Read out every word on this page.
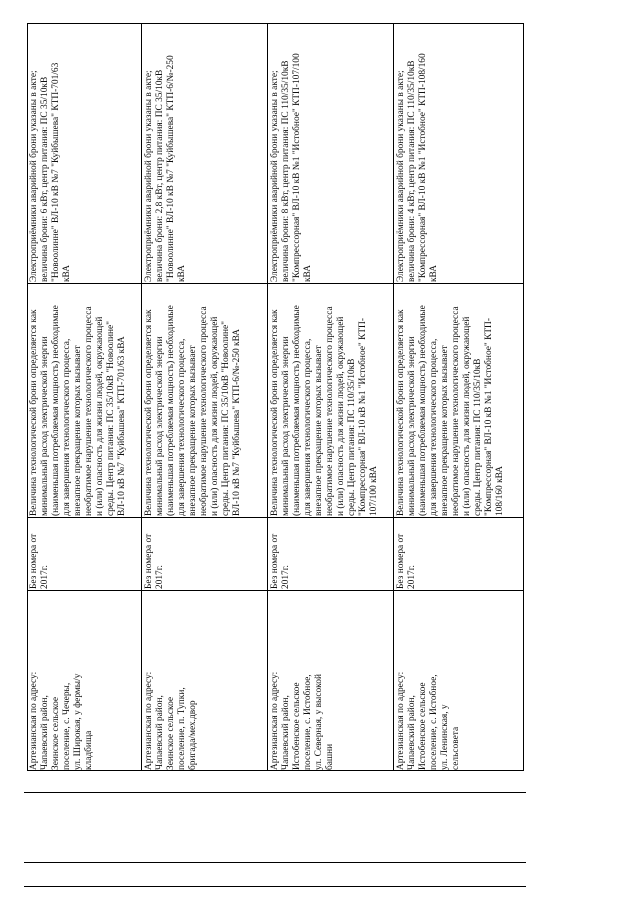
Электроприёмники аварийной брони указаны в акте;
величина брони: 6 кВт, центр питания: ПС 35/10кВ
"Новоолинне" ВЛ-10 кВ №7 "Куйбышева" КТП-701/63
кВА
Величина технологической брони определяется как
минимальный расход электрической энергии
(наименьшая потребляемая мощность) необходимые
для завершения технологического процесса,
внезапное прекращение которых вызывает
необратимое нарушение технологического процесса
и (или) опасность для жизни людей, окружающей
среды. Центр питания: ПС 35/10кВ "Новоолине"
ВЛ-10 кВ №7 "Куйбышева" КТП-701/63 кВА
Без номера от
2017г.
Артезианская по адресу:
Чапаевский район,
Зеинское сельское
поселение, с. Чечеры,
ул. Широкая, у фермы/у
кладбища
Электроприёмники аварийной брони указаны в акте;
величина брони: 2,8 кВт, центр питания: ПС 35/10кВ
"Новоолинне" ВЛ-10 кВ №7 "Куйбышева" КТП-6/№-250
кВА
Величина технологической брони определяется как
минимальный расход электрической энергии
(наименьшая потребляемая мощность) необходимые
для завершения технологического процесса,
внезапное прекращение которых вызывает
необратимое нарушение технологического процесса
и (или) опасность для жизни людей, окружающей
среды. Центр питания: ПС 35/10кВ "Новоолине"
ВЛ-10 кВ №7 "Куйбышева" КТП-6/№-250 кВА
Без номера от
2017г.
Артезианская по адресу:
Чапаевский район,
Зеинское сельское
поселение, п. Тупки,
бригада/мех.двор
Электроприёмники аварийной брони указаны в акте;
величина брони: 8 кВт, центр питания: ПС 110/35/10кВ
"Компрессорная" ВЛ-10 кВ №1 "Истобное" КТП-107/100
кВА
Величина технологической брони определяется как
минимальный расход электрической энергии
(наименьшая потребляемая мощность) необходимые
для завершения технологического процесса,
внезапное прекращение которых вызывает
необратимое нарушение технологического процесса
и (или) опасность для жизни людей, окружающей
среды. Центр питания: ПС 110/35/10кВ
"Компрессорная" ВЛ-10 кВ №1 "Истобное" КТП-
107/100 кВА
Без номера от
2017г.
Артезианская по адресу:
Чапаевский район,
Истобенское сельское
поселение, с. Истобное,
ул. Северная, у высокой
башни
Электроприёмники аварийной брони указаны в акте;
величина брони: 4 кВт, центр питания: ПС 110/35/10кВ
"Компрессорная" ВЛ-10 кВ №1 "Истобное" КТП-108/160
кВА
Величина технологической брони определяется как
минимальный расход электрической энергии
(наименьшая потребляемая мощность) необходимые
для завершения технологического процесса,
внезапное прекращение которых вызывает
необратимое нарушение технологического процесса
и (или) опасность для жизни людей, окружающей
среды. Центр питания: ПС 110/35/10кВ
"Компрессорная" ВЛ-10 кВ №1 "Истобное" КТП-
108/160 кВА
Без номера от
2017г.
Артезианская по адресу:
Чапаевский район,
Истобенское сельское
поселение, с. Истобное,
ул. Ленинская, у
сельсовета
